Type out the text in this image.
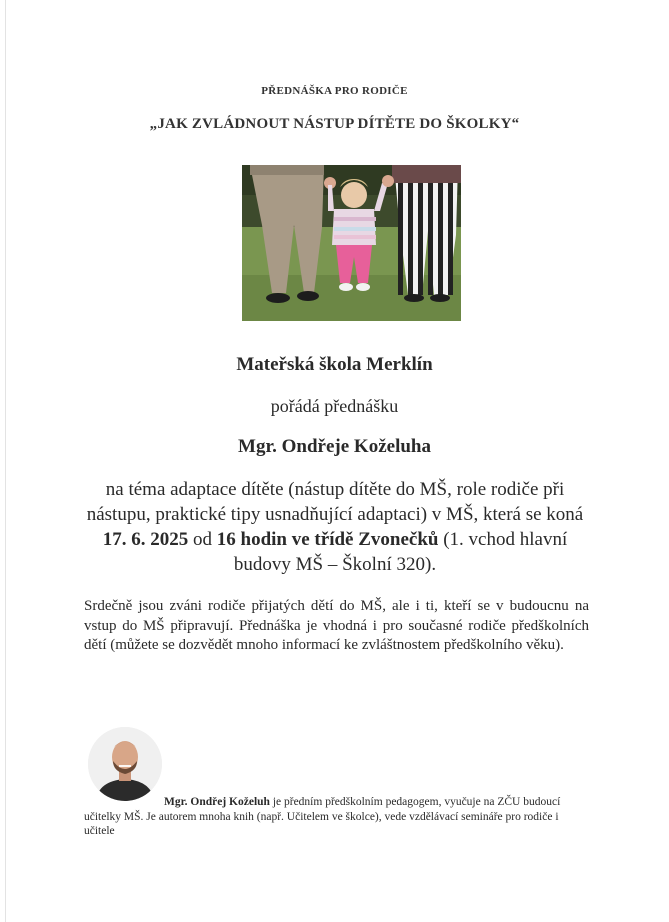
PŘEDNÁŠKA PRO RODIČE
„JAK ZVLÁDNOUT NÁSTUP DÍTĚTE DO ŠKOLKY“
Mateřská škola Merklín
pořádá přednášku
Mgr. Ondřeje Koželuha
na téma adaptace dítěte (nástup dítěte do MŠ, role rodiče při nástupu, praktické tipy usnadňující adaptaci) v MŠ, která se koná 17. 6. 2025 od 16 hodin ve třídě Zvonečků (1. vchod hlavní budovy MŠ – Školní 320).
Srdečně jsou zváni rodiče přijatých dětí do MŠ, ale i ti, kteří se v budoucnu na vstup do MŠ připravují. Přednáška je vhodná i pro současné rodiče předškolních dětí (můžete se dozvědět mnoho informací ke zvláštnostem předškolního věku).
Mgr. Ondřej Koželuh je předním předškolním pedagogem, vyučuje na ZČU budoucí učitelky MŠ. Je autorem mnoha knih (např. Učitelem ve školce), vede vzdělávací semináře pro rodiče i učitele
